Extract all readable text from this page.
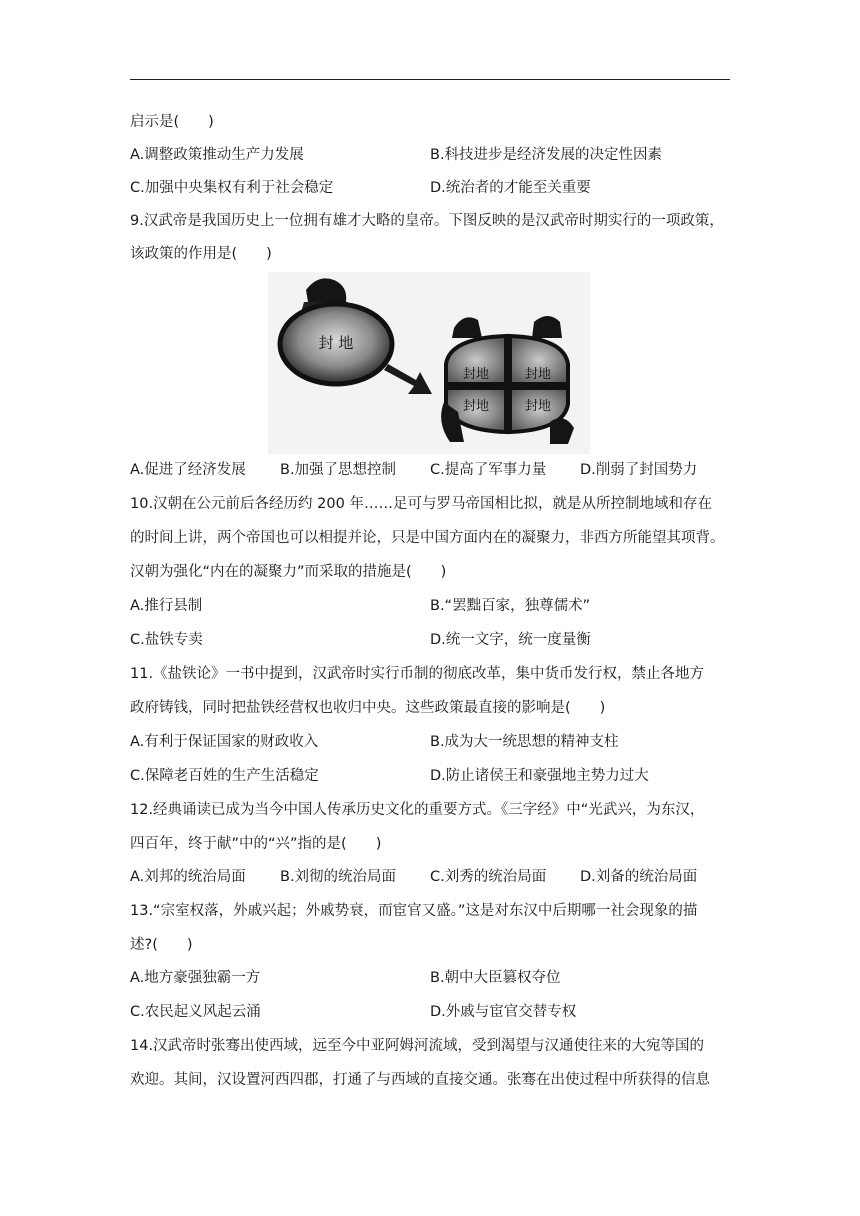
启示是(　　)
A.调整政策推动生产力发展	B.科技进步是经济发展的决定性因素
C.加强中央集权有利于社会稳定	D.统治者的才能至关重要
9.汉武帝是我国历史上一位拥有雄才大略的皇帝。下图反映的是汉武帝时期实行的一项政策，
该政策的作用是(　　)
封 地
封地	封地
封地	封地
A.促进了经济发展 B.加强了思想控制 C.提高了军事力量 D.削弱了封国势力
10.汉朝在公元前后各经历约 200 年……足可与罗马帝国相比拟，就是从所控制地域和存在
的时间上讲，两个帝国也可以相提并论，只是中国方面内在的凝聚力，非西方所能望其项背。
汉朝为强化“内在的凝聚力”而采取的措施是(　　)
A.推行县制	B.“罢黜百家，独尊儒术”
C.盐铁专卖	D.统一文字，统一度量衡
11.《盐铁论》一书中提到，汉武帝时实行币制的彻底改革，集中货币发行权，禁止各地方
政府铸钱，同时把盐铁经营权也收归中央。这些政策最直接的影响是(　　)
A.有利于保证国家的财政收入	B.成为大一统思想的精神支柱
C.保障老百姓的生产生活稳定	D.防止诸侯王和豪强地主势力过大
12.经典诵读已成为当今中国人传承历史文化的重要方式。《三字经》中“光武兴，为东汉，
四百年，终于献”中的“兴”指的是(　　)
A.刘邦的统治局面 B.刘彻的统治局面 C.刘秀的统治局面 D.刘备的统治局面
13.“宗室权落，外戚兴起；外戚势衰，而宦官又盛。”这是对东汉中后期哪一社会现象的描
述?(　　)
A.地方豪强独霸一方	B.朝中大臣篡权夺位
C.农民起义风起云涌	D.外戚与宦官交替专权
14.汉武帝时张骞出使西域，远至今中亚阿姆河流域，受到渴望与汉通使往来的大宛等国的
欢迎。其间，汉设置河西四郡，打通了与西域的直接交通。张骞在出使过程中所获得的信息
